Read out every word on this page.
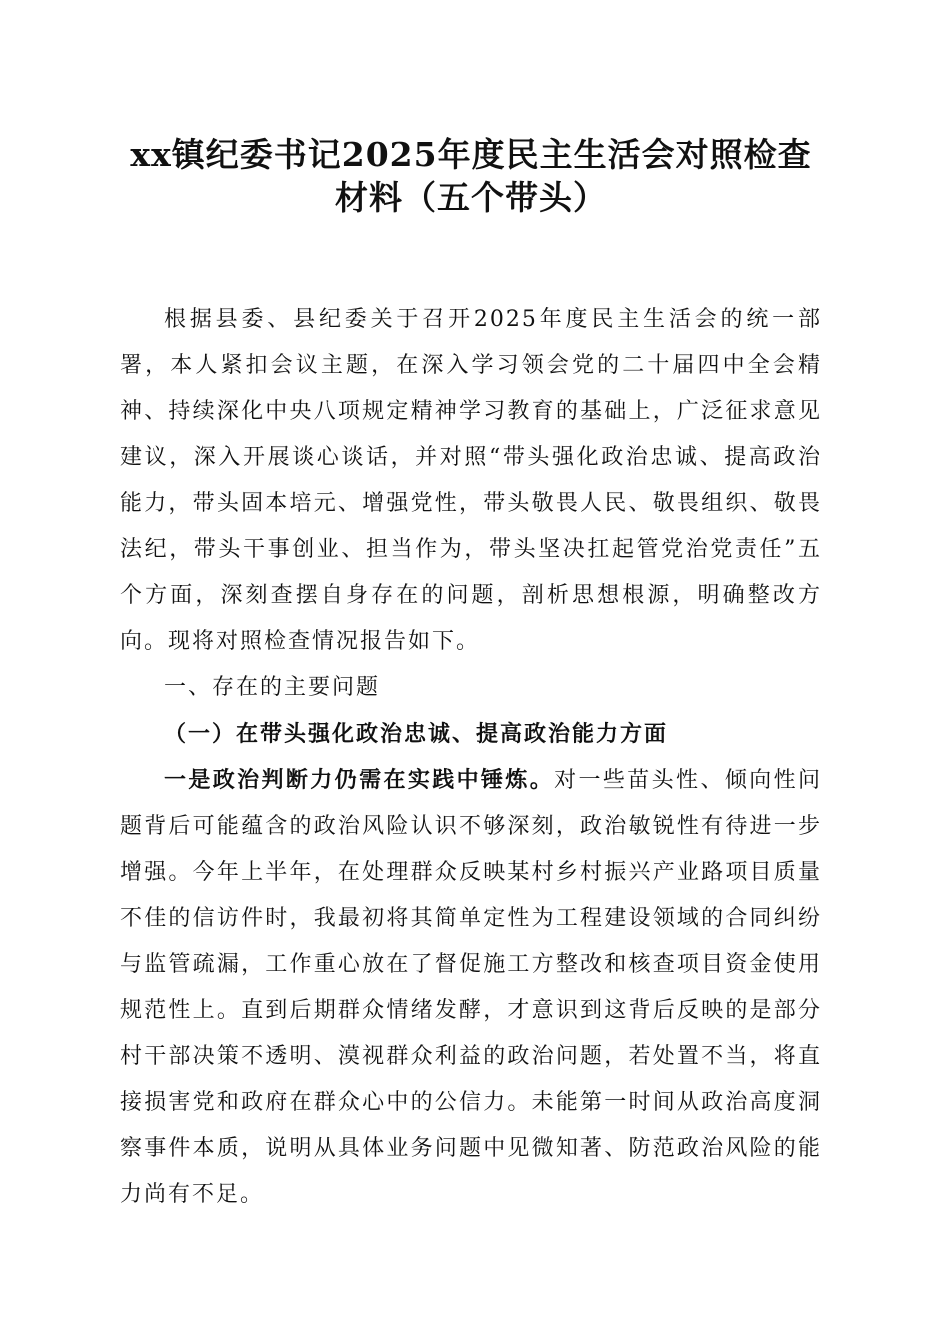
xx镇纪委书记2025年度民主生活会对照检查
材料（五个带头）

根据县委、县纪委关于召开2025年度民主生活会的统一部署，本人紧扣会议主题，在深入学习领会党的二十届四中全会精神、持续深化中央八项规定精神学习教育的基础上，广泛征求意见建议，深入开展谈心谈话，并对照“带头强化政治忠诚、提高政治能力，带头固本培元、增强党性，带头敬畏人民、敬畏组织、敬畏法纪，带头干事创业、担当作为，带头坚决扛起管党治党责任”五个方面，深刻查摆自身存在的问题，剖析思想根源，明确整改方向。现将对照检查情况报告如下。

一、存在的主要问题

（一）在带头强化政治忠诚、提高政治能力方面

一是政治判断力仍需在实践中锤炼。对一些苗头性、倾向性问题背后可能蕴含的政治风险认识不够深刻，政治敏锐性有待进一步增强。今年上半年，在处理群众反映某村乡村振兴产业路项目质量不佳的信访件时，我最初将其简单定性为工程建设领域的合同纠纷与监管疏漏，工作重心放在了督促施工方整改和核查项目资金使用规范性上。直到后期群众情绪发酵，才意识到这背后反映的是部分村干部决策不透明、漠视群众利益的政治问题，若处置不当，将直接损害党和政府在群众心中的公信力。未能第一时间从政治高度洞察事件本质，说明从具体业务问题中见微知著、防范政治风险的能力尚有不足。
